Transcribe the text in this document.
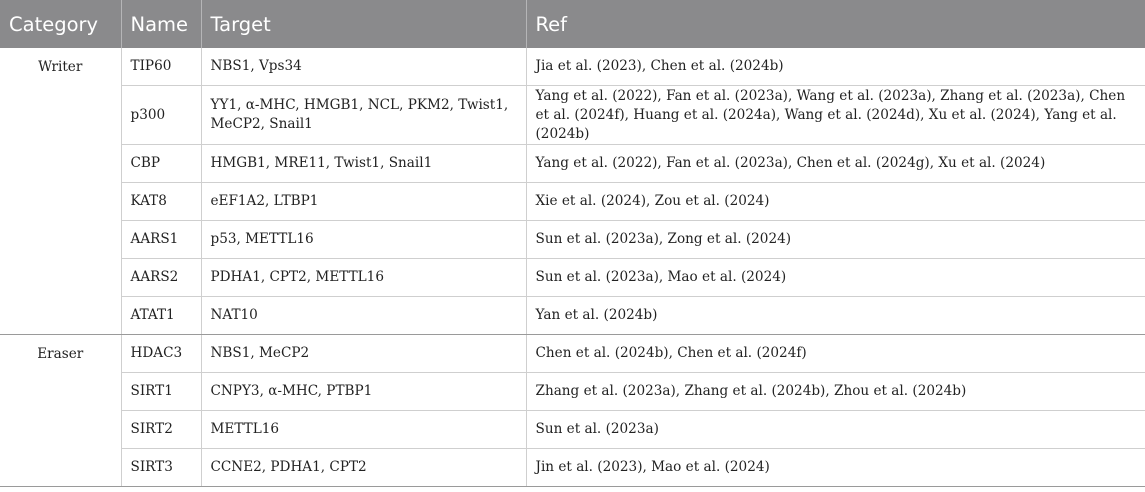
Category	Name	Target	Ref
Writer	TIP60	NBS1, Vps34	Jia et al. (2023), Chen et al. (2024b)
	p300	YY1, α-MHC, HMGB1, NCL, PKM2, Twist1, MeCP2, Snail1	Yang et al. (2022), Fan et al. (2023a), Wang et al. (2023a), Zhang et al. (2023a), Chen et al. (2024f), Huang et al. (2024a), Wang et al. (2024d), Xu et al. (2024), Yang et al. (2024b)
	CBP	HMGB1, MRE11, Twist1, Snail1	Yang et al. (2022), Fan et al. (2023a), Chen et al. (2024g), Xu et al. (2024)
	KAT8	eEF1A2, LTBP1	Xie et al. (2024), Zou et al. (2024)
	AARS1	p53, METTL16	Sun et al. (2023a), Zong et al. (2024)
	AARS2	PDHA1, CPT2, METTL16	Sun et al. (2023a), Mao et al. (2024)
	ATAT1	NAT10	Yan et al. (2024b)
Eraser	HDAC3	NBS1, MeCP2	Chen et al. (2024b), Chen et al. (2024f)
	SIRT1	CNPY3, α-MHC, PTBP1	Zhang et al. (2023a), Zhang et al. (2024b), Zhou et al. (2024b)
	SIRT2	METTL16	Sun et al. (2023a)
	SIRT3	CCNE2, PDHA1, CPT2	Jin et al. (2023), Mao et al. (2024)
